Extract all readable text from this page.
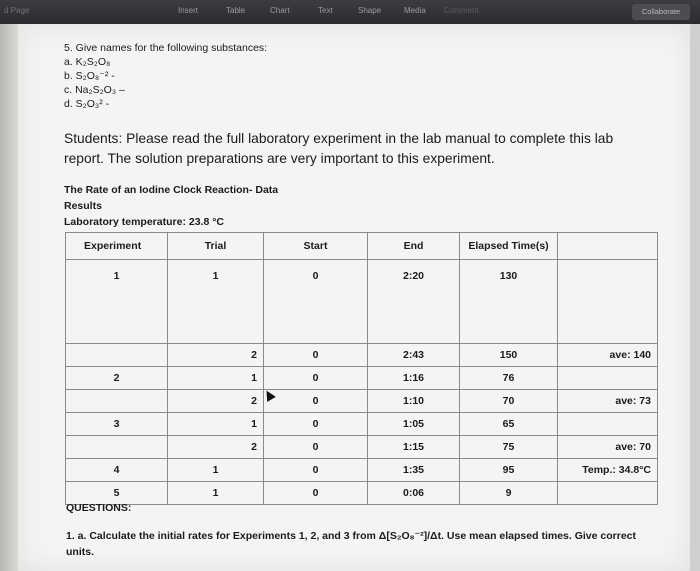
d Page	Insert	Table	Chart	Text	Shape	Media Comment	Collaborate
5. Give names for the following substances:
a. K₂S₂O₈
b. S₂O₈⁻² -
c. Na₂S₂O₃ –
d. S₂O₃² -
Students: Please read the full laboratory experiment in the lab manual to complete this lab report. The solution preparations are very important to this experiment.
The Rate of an Iodine Clock Reaction- Data
Results
Laboratory temperature: 23.8 °C
Experiment	Trial	Start	End	Elapsed Time(s)	
1	1	0	2:20	130	
	2	0	2:43	150	ave: 140
2	1	0	1:16	76	
	2	0	1:10	70	ave: 73
3	1	0	1:05	65	
	2	0	1:15	75	ave: 70
4	1	0	1:35	95	Temp.: 34.8°C
5	1	0	0:06	9	
QUESTIONS:
1. a. Calculate the initial rates for Experiments 1, 2, and 3 from Δ[S₂O₈⁻²]/Δt. Use mean elapsed times. Give correct units.
